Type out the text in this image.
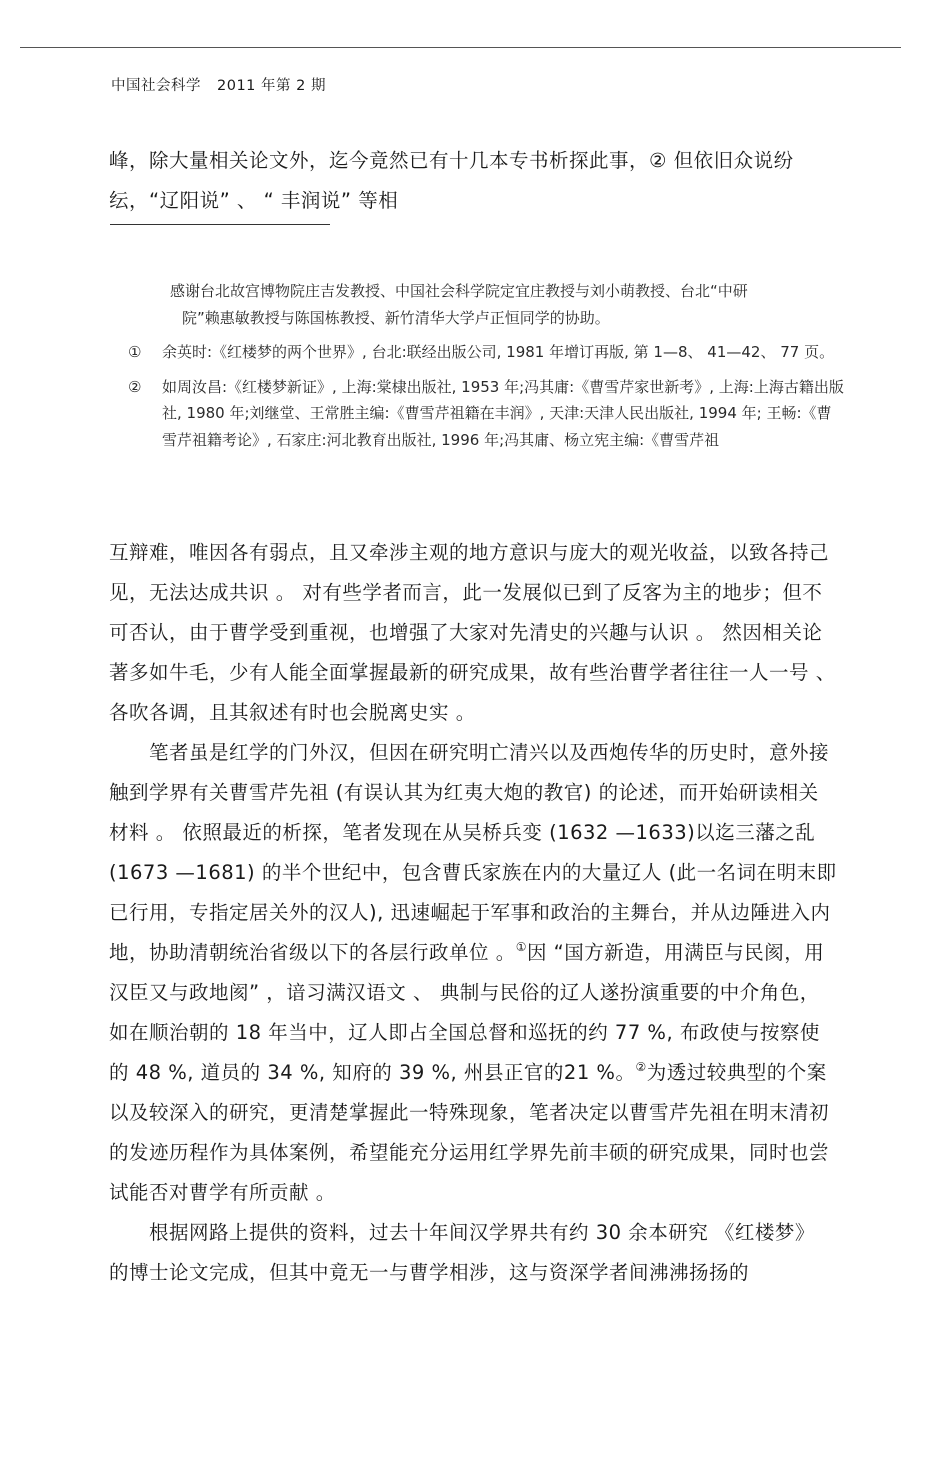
中国社会科学 2011 年第 2 期

峰，除大量相关论文外，迄今竟然已有十几本专书析探此事，② 但依旧众说纷

纭，“辽阳说” 、 “ 丰润说” 等相

感谢台北故宫博物院庄吉发教授、中国社会科学院定宜庄教授与刘小萌教授、台北“中研
院”赖惠敏教授与陈国栋教授、新竹清华大学卢正恒同学的协助。
① 余英时:《红楼梦的两个世界》, 台北:联经出版公司, 1981 年增订再版, 第 1—8、 41—42、 77 页。
② 如周汝昌:《红楼梦新证》, 上海:棠棣出版社, 1953 年;冯其庸:《曹雪芹家世新考》, 上海:上海古籍出版社, 1980 年;刘继堂、王常胜主编:《曹雪芹祖籍在丰润》, 天津:天津人民出版社, 1994 年; 王畅:《曹雪芹祖籍考论》, 石家庄:河北教育出版社, 1996 年;冯其庸、杨立宪主编:《曹雪芹祖

互辩难，唯因各有弱点，且又牵涉主观的地方意识与庞大的观光收益，以致各持己见，无法达成共识 。 对有些学者而言，此一发展似已到了反客为主的地步；但不可否认，由于曹学受到重视，也增强了大家对先清史的兴趣与认识 。 然因相关论著多如牛毛，少有人能全面掌握最新的研究成果，故有些治曹学者往往一人一号 、 各吹各调，且其叙述有时也会脱离史实 。

笔者虽是红学的门外汉，但因在研究明亡清兴以及西炮传华的历史时，意外接触到学界有关曹雪芹先祖 (有误认其为红夷大炮的教官) 的论述，而开始研读相关材料 。 依照最近的析探，笔者发现在从吴桥兵变 (1632 —1633)以迄三藩之乱 (1673 —1681) 的半个世纪中，包含曹氏家族在内的大量辽人 (此一名词在明末即已行用，专指定居关外的汉人), 迅速崛起于军事和政治的主舞台，并从边陲进入内地，协助清朝统治省级以下的各层行政单位 。①因 “国方新造，用满臣与民阂，用汉臣又与政地阂” ，谙习满汉语文 、 典制与民俗的辽人遂扮演重要的中介角色，如在顺治朝的 18 年当中，辽人即占全国总督和巡抚的约 77 %, 布政使与按察使的 48 %, 道员的 34 %, 知府的 39 %, 州县正官的21 %。②为透过较典型的个案以及较深入的研究，更清楚掌握此一特殊现象，笔者决定以曹雪芹先祖在明末清初的发迹历程作为具体案例，希望能充分运用红学界先前丰硕的研究成果，同时也尝试能否对曹学有所贡献 。

根据网路上提供的资料，过去十年间汉学界共有约 30 余本研究 《红楼梦》 的博士论文完成，但其中竟无一与曹学相涉，这与资深学者间沸沸扬扬的
